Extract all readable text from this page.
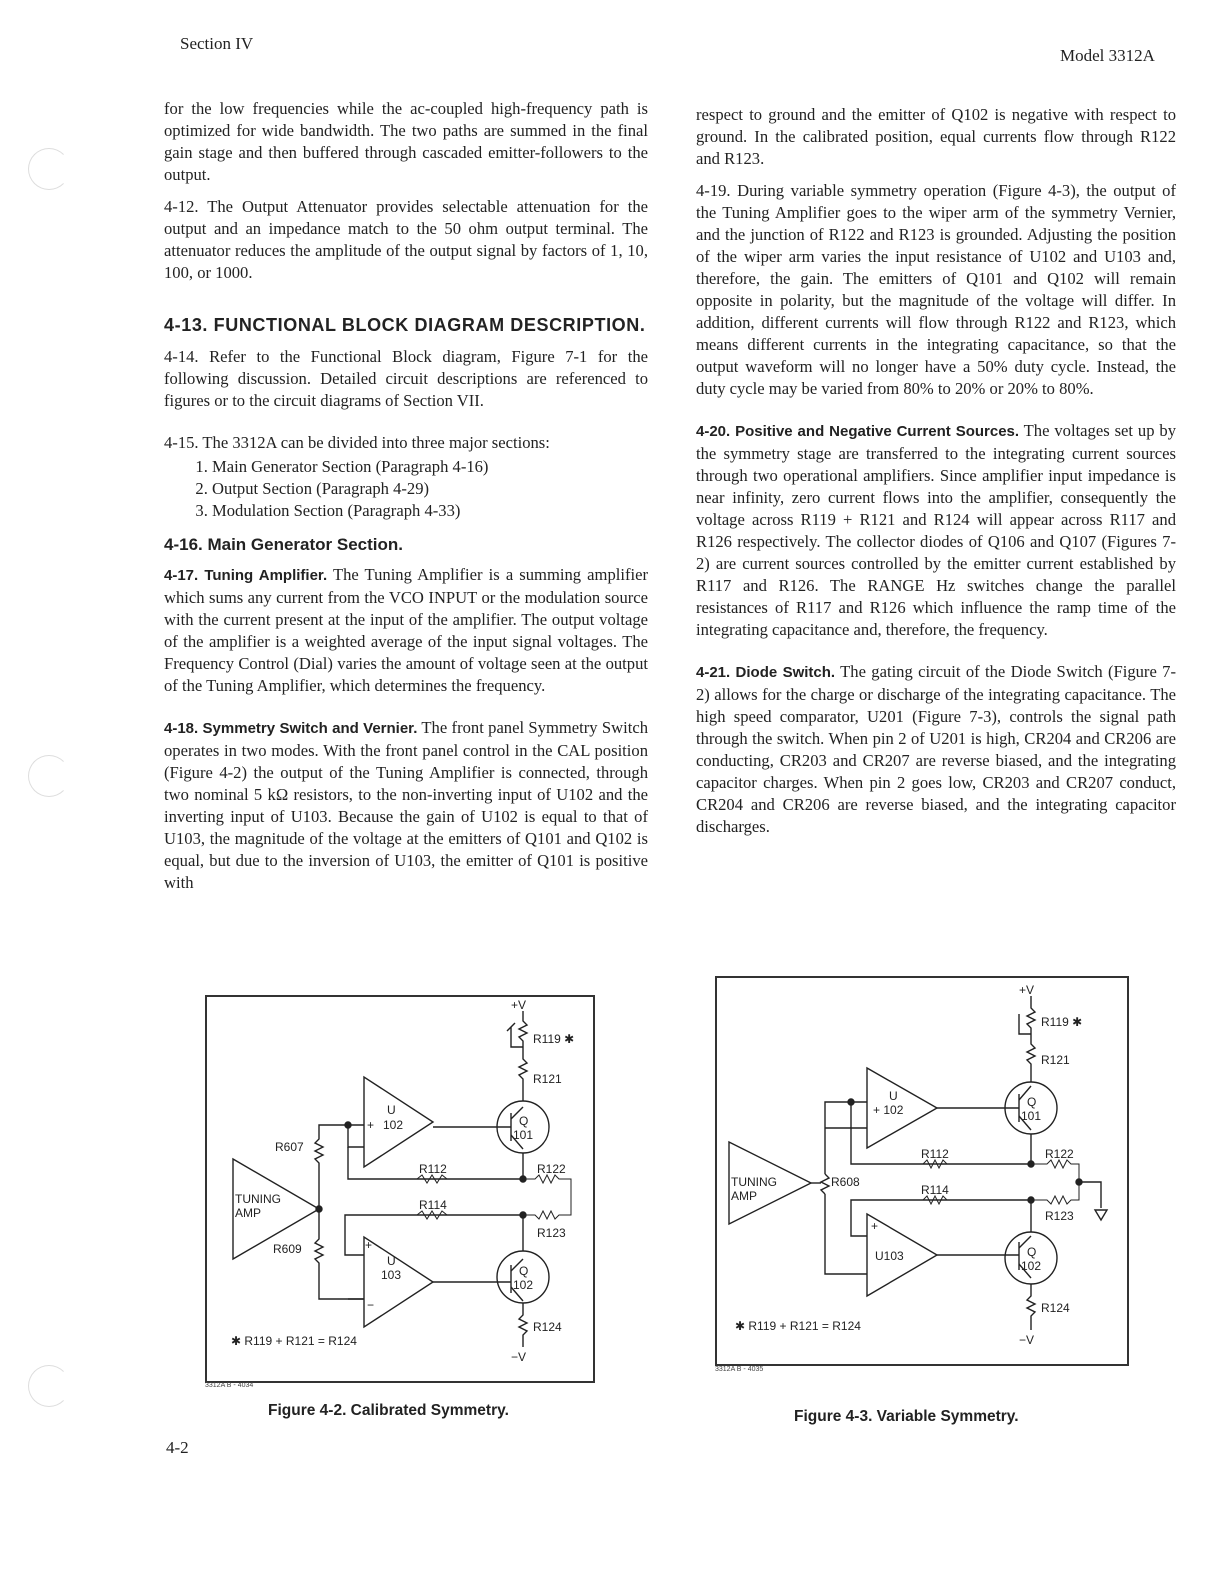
Section IV
Model 3312A

for the low frequencies while the ac-coupled high-frequency path is optimized for wide bandwidth. The two paths are summed in the final gain stage and then buffered through cascaded emitter-followers to the output.

4-12. The Output Attenuator provides selectable attenuation for the output and an impedance match to the 50 ohm output terminal. The attenuator reduces the amplitude of the output signal by factors of 1, 10, 100, or 1000.

4-13. FUNCTIONAL BLOCK DIAGRAM DESCRIPTION.

4-14. Refer to the Functional Block diagram, Figure 7-1 for the following discussion. Detailed circuit descriptions are referenced to figures or to the circuit diagrams of Section VII.

4-15. The 3312A can be divided into three major sections:

1. Main Generator Section (Paragraph 4-16)
2. Output Section (Paragraph 4-29)
3. Modulation Section (Paragraph 4-33)
4-16. Main Generator Section.

4-17. Tuning Amplifier. The Tuning Amplifier is a summing amplifier which sums any current from the VCO INPUT or the modulation source with the current present at the input of the amplifier. The output voltage of the amplifier is a weighted average of the input signal voltages. The Frequency Control (Dial) varies the amount of voltage seen at the output of the Tuning Amplifier, which determines the frequency.

4-18. Symmetry Switch and Vernier. The front panel Symmetry Switch operates in two modes. With the front panel control in the CAL position (Figure 4-2) the output of the Tuning Amplifier is connected, through two nominal 5 kΩ resistors, to the non-inverting input of U102 and the inverting input of U103. Because the gain of U102 is equal to that of U103, the magnitude of the voltage at the emitters of Q101 and Q102 is equal, but due to the inversion of U103, the emitter of Q101 is positive with

respect to ground and the emitter of Q102 is negative with respect to ground. In the calibrated position, equal currents flow through R122 and R123.

4-19. During variable symmetry operation (Figure 4-3), the output of the Tuning Amplifier goes to the wiper arm of the symmetry Vernier, and the junction of R122 and R123 is grounded. Adjusting the position of the wiper arm varies the input resistance of U102 and U103 and, therefore, the gain. The emitters of Q101 and Q102 will remain opposite in polarity, but the magnitude of the voltage will differ. In addition, different currents will flow through R122 and R123, which means different currents in the integrating capacitance, so that the output waveform will no longer have a 50% duty cycle. Instead, the duty cycle may be varied from 80% to 20% or 20% to 80%.

4-20. Positive and Negative Current Sources. The voltages set up by the symmetry stage are transferred to the integrating current sources through two operational amplifiers. Since amplifier input impedance is near infinity, zero current flows into the amplifier, consequently the voltage across R119 + R121 and R124 will appear across R117 and R126 respectively. The collector diodes of Q106 and Q107 (Figures 7-2) are current sources controlled by the emitter current established by R117 and R126. The RANGE Hz switches change the parallel resistances of R117 and R126 which influence the ramp time of the integrating capacitance and, therefore, the frequency.

4-21. Diode Switch. The gating circuit of the Diode Switch (Figure 7-2) allows for the charge or discharge of the integrating capacitance. The high speed comparator, U201 (Figure 7-3), controls the signal path through the switch. When pin 2 of U201 is high, CR204 and CR206 are conducting, CR203 and CR207 are reverse biased, and the integrating capacitor charges. When pin 2 goes low, CR203 and CR207 conduct, CR204 and CR206 are reverse biased, and the integrating capacitor discharges.

+V
R119 ✱
R121
U
102
+	Q
101
R607
R112	R122
TUNING
AMP
R114
R123
R609	+
U
103	Q
102
−
R124
−V
✱ R119 + R121 = R124
3312A B - 4034
Figure 4-2. Calibrated Symmetry.
+V
R119 ✱
R121
U
+ 102
Q
101
R112	R122
TUNING
AMP
R608
R114
R123
+
U103	Q
102
R124
−V
✱ R119 + R121 = R124
3312A B - 4035
Figure 4-3. Variable Symmetry.
4-2
